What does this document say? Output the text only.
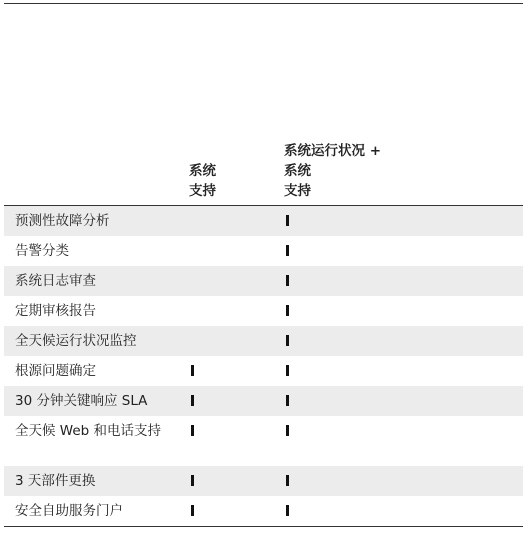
系统
支持
系统运行状况 +
系统
支持
预测性故障分析
告警分类
系统日志审查
定期审核报告
全天候运行状况监控
根源问题确定
30 分钟关键响应 SLA
全天候 Web 和电话支持
3 天部件更换
安全自助服务门户
